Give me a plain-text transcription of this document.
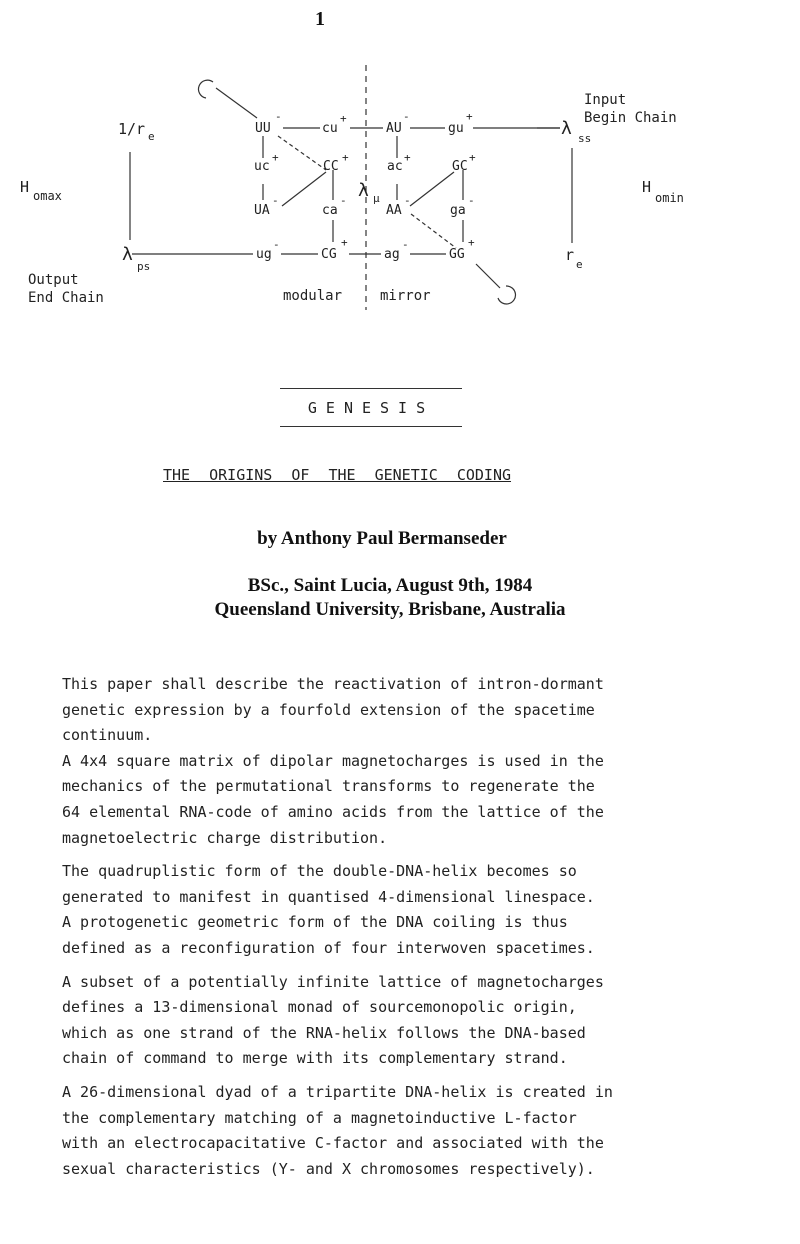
1
1/r e
H omax
λ
ps
Output
End Chain
Input
Begin Chain
λ ss
H
omin
r
e
λ μ
UU
-
cu
+
AU
-
gu
+
uc
+
CC
+
ac
+
GC
+
UA
-
ca
-
AA
-
ga
-
ug
-
CG
+
ag
-
GG
+
modular	mirror
GENESIS
THE ORIGINS OF THE GENETIC CODING
by Anthony Paul Bermanseder
BSc., Saint Lucia, August 9th, 1984
Queensland University, Brisbane, Australia

This paper shall describe the reactivation of intron-dormant
genetic expression by a fourfold extension of the spacetime
continuum.
A 4x4 square matrix of dipolar magnetocharges is used in the
mechanics of the permutational transforms to regenerate the
64 elemental RNA-code of amino acids from the lattice of the
magnetoelectric charge distribution.

The quadruplistic form of the double-DNA-helix becomes so
generated to manifest in quantised 4-dimensional linespace.
A protogenetic geometric form of the DNA coiling is thus
defined as a reconfiguration of four interwoven spacetimes.

A subset of a potentially infinite lattice of magnetocharges
defines a 13-dimensional monad of sourcemonopolic origin,
which as one strand of the RNA-helix follows the DNA-based
chain of command to merge with its complementary strand.

A 26-dimensional dyad of a tripartite DNA-helix is created in
the complementary matching of a magnetoinductive L-factor
with an electrocapacitative C-factor and associated with the
sexual characteristics (Y- and X chromosomes respectively).
